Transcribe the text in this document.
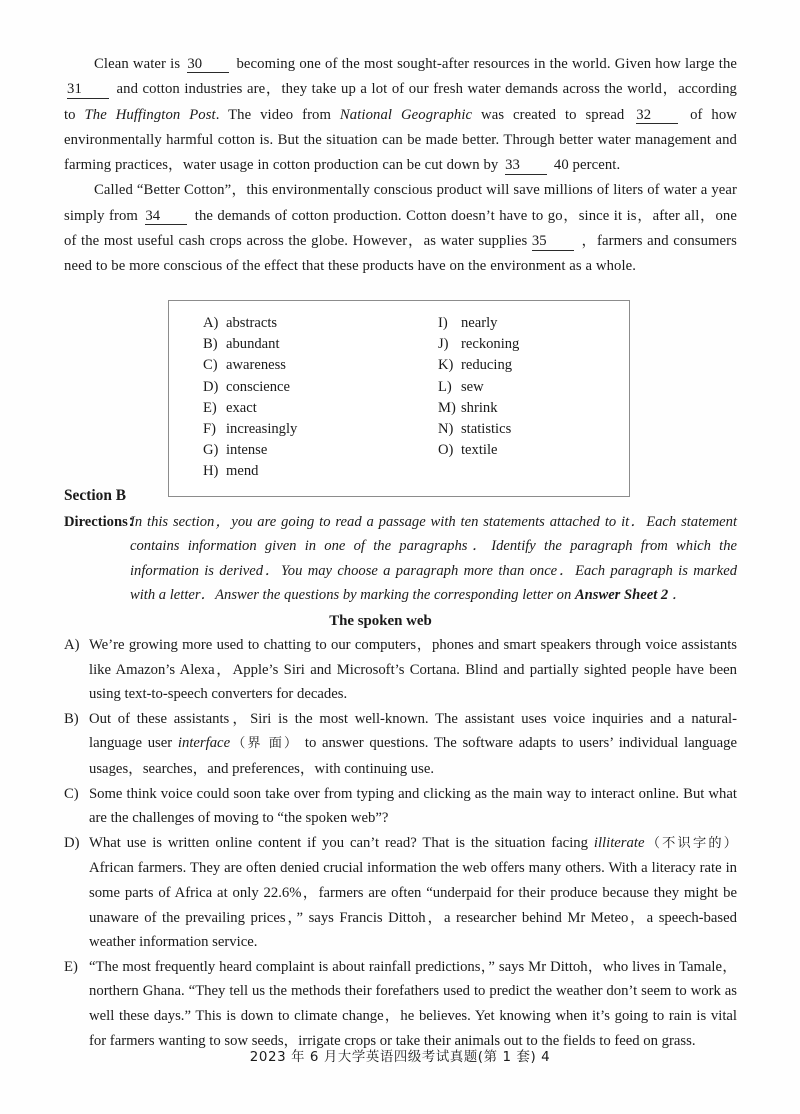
Clean water is 30 becoming one of the most sought-after resources in the world. Given how large the 31 and cotton industries are，they take up a lot of our fresh water demands across the world，according to The Huffington Post. The video from National Geographic was created to spread 32 of how environmentally harmful cotton is. But the situation can be made better. Through better water management and farming practices，water usage in cotton production can be cut down by 33 40 percent.
Called “Better Cotton”，this environmentally conscious product will save millions of liters of water a year simply from 34 the demands of cotton production. Cotton doesn’t have to go，since it is，after all，one of the most useful cash crops across the globe. However，as water supplies 35 ，farmers and consumers need to be more conscious of the effect that these products have on the environment as a whole.
A) abstracts
B) abundant
C) awareness
D) conscience
E) exact
F) increasingly
G) intense
H) mend
I) nearly
J) reckoning
K) reducing
L) sew
M) shrink
N) statistics
O) textile
Section B
Directions：
In this section，you are going to read a passage with ten statements attached to it．Each statement contains information given in one of the paragraphs．Identify the paragraph from which the information is derived．You may choose a paragraph more than once．Each paragraph is marked with a letter．Answer the questions by marking the corresponding letter on Answer Sheet 2 ．
The spoken web
A) We’re growing more used to chatting to our computers，phones and smart speakers through voice assistants like Amazon’s Alexa，Apple’s Siri and Microsoft’s Cortana. Blind and partially sighted people have been using text-to-speech converters for decades.
B) Out of these assistants，Siri is the most well-known. The assistant uses voice inquiries and a natural-language user interface（界 面） to answer questions. The software adapts to users’ individual language usages，searches，and preferences，with continuing use.
C) Some think voice could soon take over from typing and clicking as the main way to interact online. But what are the challenges of moving to “the spoken web”?
D) What use is written online content if you can’t read? That is the situation facing illiterate（不识字的） African farmers. They are often denied crucial information the web offers many others. With a literacy rate in some parts of Africa at only 22.6%，farmers are often “underpaid for their produce because they might be unaware of the prevailing prices，” says Francis Dittoh，a researcher behind Mr Meteo，a speech-based weather information service.
E) “The most frequently heard complaint is about rainfall predictions，” says Mr Dittoh，who lives in Tamale，northern Ghana. “They tell us the methods their forefathers used to predict the weather don’t seem to work as well these days.” This is down to climate change，he believes. Yet knowing when it’s going to rain is vital for farmers wanting to sow seeds，irrigate crops or take their animals out to the fields to feed on grass.
2023 年 6 月大学英语四级考试真题(第 1 套) 4
